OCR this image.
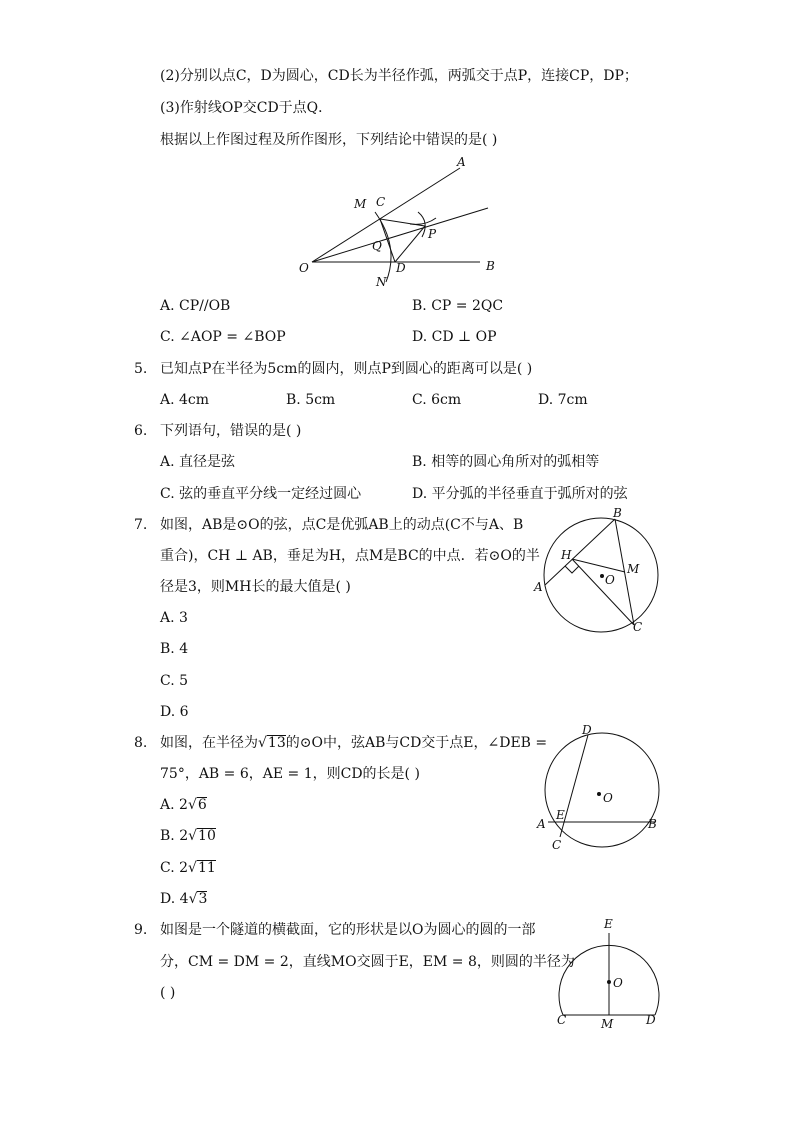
(2)分别以点C，D为圆心，CD长为半径作弧，两弧交于点P，连接CP，DP；
(3)作射线OP交CD于点Q．
根据以上作图过程及所作图形，下列结论中错误的是( )
A
M C
Q
P
O	D	B
N
A. CP//OB	B. CP = 2QC
C. ∠AOP = ∠BOP	D. CD ⊥ OP
5. 已知点P在半径为5cm的圆内，则点P到圆心的距离可以是( )
A. 4cm	B. 5cm	C. 6cm	D. 7cm
6. 下列语句，错误的是( )
A. 直径是弦	B. 相等的圆心角所对的弧相等
C. 弦的垂直平分线一定经过圆心	D. 平分弧的半径垂直于弧所对的弦
7. 如图，AB是⊙O的弦，点C是优弧AB上的动点(C不与A、B
重合)，CH ⊥ AB，垂足为H，点M是BC的中点．若⊙O的半
径是3，则MH长的最大值是( )
A. 3
B. 4
C. 5
D. 6
B
H
M
O
A
C
8. 如图，在半径为√13的⊙O中，弦AB与CD交于点E，∠DEB =
75°，AB = 6，AE = 1，则CD的长是( )
A. 2√6
B. 2√10
C. 2√11
D. 4√3
D
O
E
A	B
C
9. 如图是一个隧道的横截面，它的形状是以O为圆心的圆的一部
分，CM = DM = 2，直线MO交圆于E，EM = 8，则圆的半径为
( )
E
O
C	M	D
